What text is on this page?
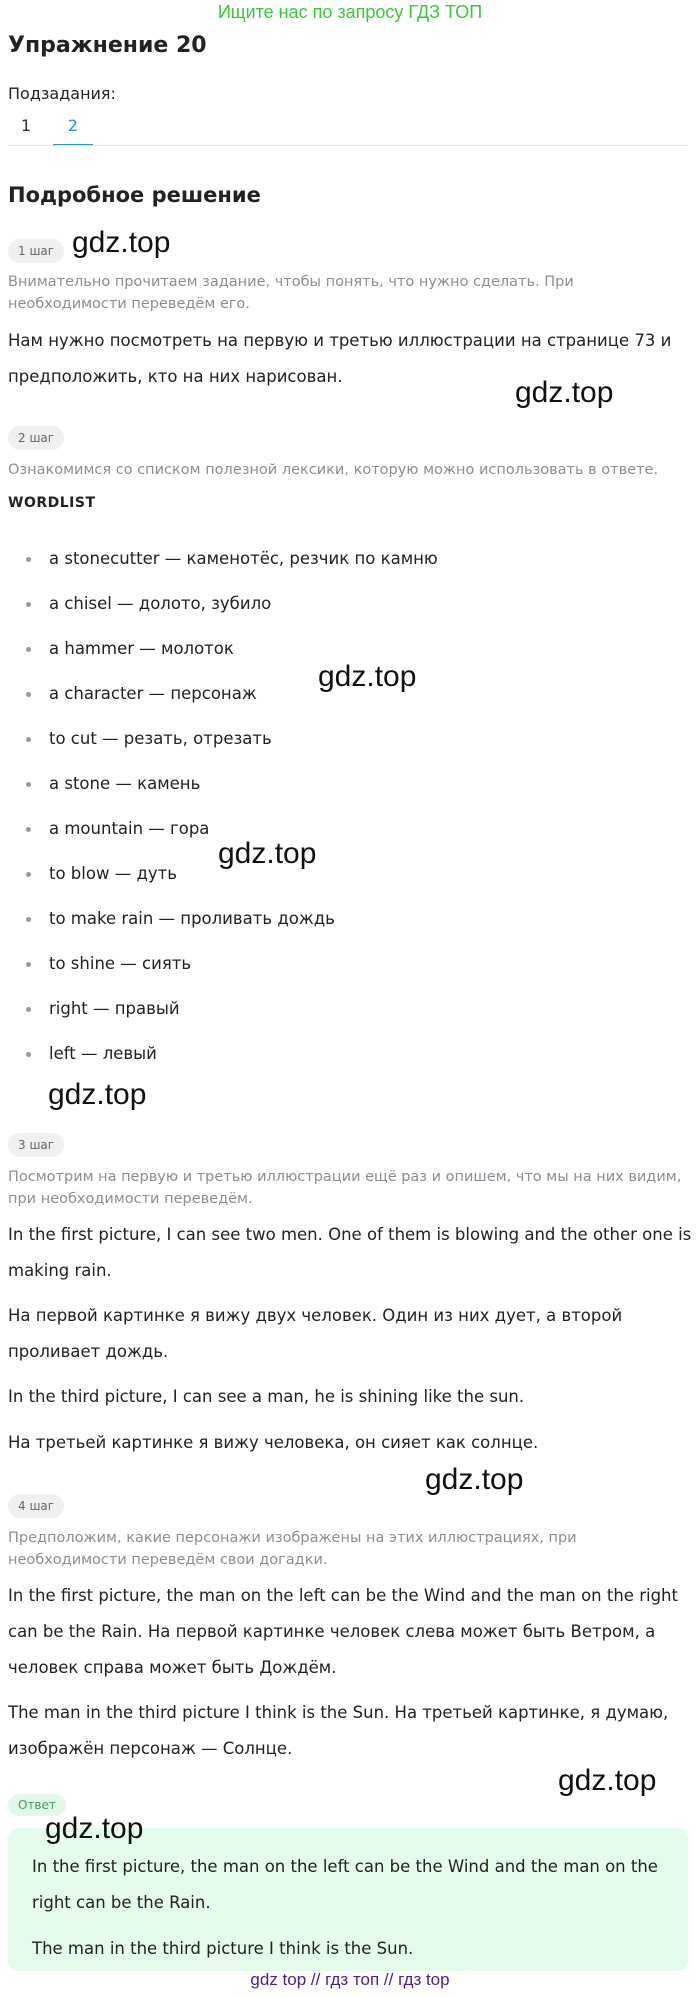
Ищите нас по запросу ГДЗ ТОП
Упражнение 20
Подзадания:
1	2
Подробное решение
1 шаг gdz.top
Внимательно прочитаем задание, чтобы понять, что нужно сделать. При необходимости переведём его.
Нам нужно посмотреть на первую и третью иллюстрации на странице 73 и предположить, кто на них нарисован.	gdz.top
2 шаг
Ознакомимся со списком полезной лексики, которую можно использовать в ответе.
WORDLIST
a stonecutter — каменотёс, резчик по камню
a chisel — долото, зубило
a hammer — молоток
a character — персонаж
to cut — резать, отрезать
a stone — камень
a mountain — гора
to blow — дуть
to make rain — проливать дождь
to shine — сиять
right — правый
left — левый
gdz.top
gdz.top
gdz.top
3 шаг
Посмотрим на первую и третью иллюстрации ещё раз и опишем, что мы на них видим, при необходимости переведём.
In the first picture, I can see two men. One of them is blowing and the other one is making rain.
На первой картинке я вижу двух человек. Один из них дует, а второй проливает дождь.
In the third picture, I can see a man, he is shining like the sun.
На третьей картинке я вижу человека, он сияет как солнце.
gdz.top
4 шаг
Предположим, какие персонажи изображены на этих иллюстрациях, при необходимости переведём свои догадки.
In the first picture, the man on the left can be the Wind and the man on the right can be the Rain. На первой картинке человек слева может быть Ветром, а человек справа может быть Дождём.
The man in the third picture I think is the Sun. На третьей картинке, я думаю, изображён персонаж — Солнце.
gdz.top
Ответ
gdz.top
In the first picture, the man on the left can be the Wind and the man on the right can be the Rain.
The man in the third picture I think is the Sun.
gdz top // гдз топ // гдз top
